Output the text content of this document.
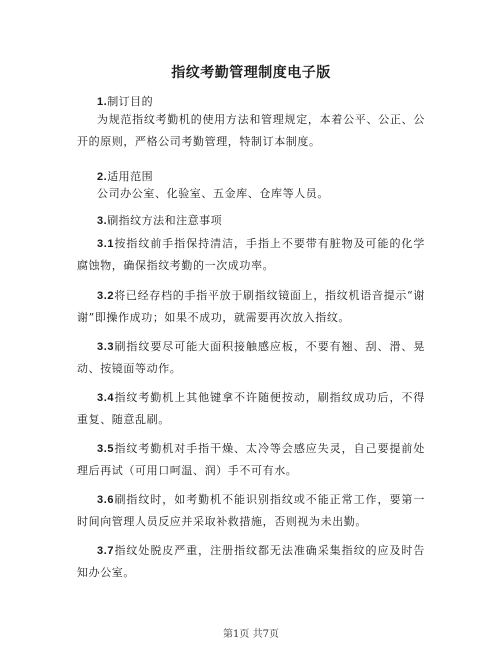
指纹考勤管理制度电子版
1.制订目的
为规范指纹考勤机的使用方法和管理规定，本着公平、公正、公开的原则，严格公司考勤管理，特制订本制度。
2.适用范围
公司办公室、化验室、五金库、仓库等人员。
3.刷指纹方法和注意事项
3.1按指纹前手指保持清洁，手指上不要带有脏物及可能的化学腐蚀物，确保指纹考勤的一次成功率。
3.2将已经存档的手指平放于刷指纹镜面上，指纹机语音提示“谢谢”即操作成功；如果不成功，就需要再次放入指纹。
3.3刷指纹要尽可能大面积接触感应板，不要有翘、刮、滑、晃动、按镜面等动作。
3.4指纹考勤机上其他键拿不许随便按动，刷指纹成功后，不得重复、随意乱刷。
3.5指纹考勤机对手指干燥、太冷等会感应失灵，自己要提前处理后再试（可用口呵温、润）手不可有水。
3.6刷指纹时，如考勤机不能识别指纹或不能正常工作，要第一时间向管理人员反应并采取补救措施，否则视为未出勤。
3.7指纹处脱皮严重，注册指纹都无法准确采集指纹的应及时告知办公室。
第1页 共7页
